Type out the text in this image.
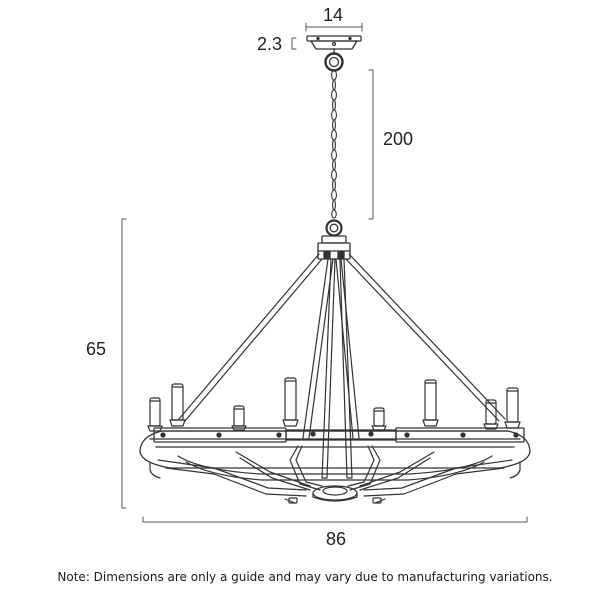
14
2.3
200
65
86
Note: Dimensions are only a guide and may vary due to manufacturing variations.
